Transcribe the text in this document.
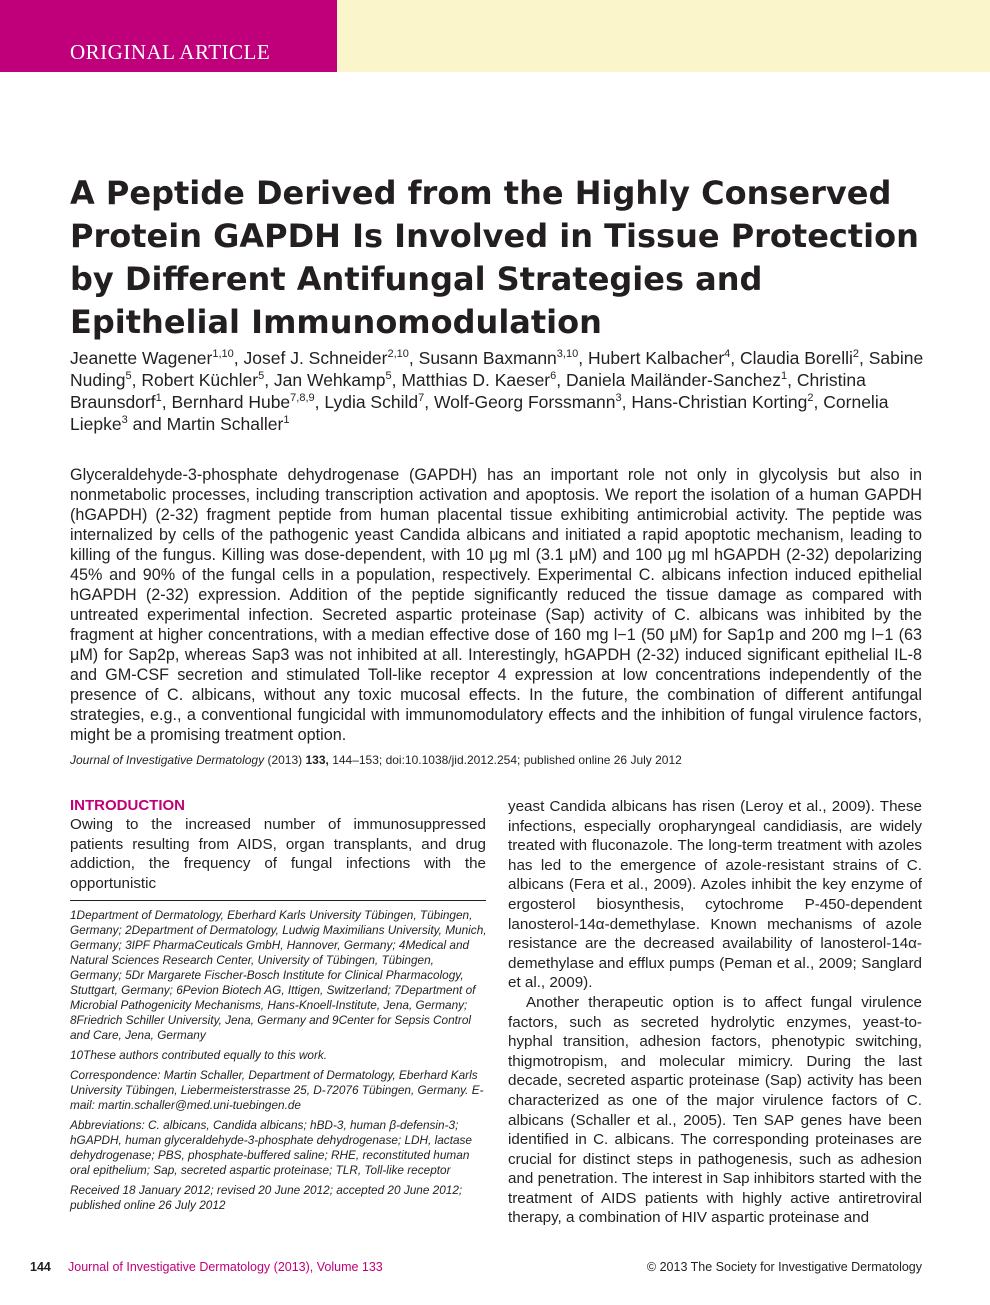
ORIGINAL ARTICLE
A Peptide Derived from the Highly Conserved Protein GAPDH Is Involved in Tissue Protection by Different Antifungal Strategies and Epithelial Immunomodulation

Jeanette Wagener$^{1,10}$, Josef J. Schneider$^{2,10}$, Susann Baxmann$^{3,10}$, Hubert Kalbacher$^4$, Claudia Borelli$^2$, Sabine Nuding$^5$, Robert Küchler$^5$, Jan Wehkamp$^5$, Matthias D. Kaeser$^6$, Daniela Mailänder-Sanchez$^1$, Christina Braunsdorf$^1$, Bernhard Hube$^{7,8,9}$, Lydia Schild$^7$, Wolf-Georg Forssmann$^3$, Hans-Christian Korting$^2$, Cornelia Liepke$^3$ and Martin Schaller$^1$

Glyceraldehyde-3-phosphate dehydrogenase (GAPDH) has an important role not only in glycolysis but also in nonmetabolic processes, including transcription activation and apoptosis. We report the isolation of a human GAPDH (hGAPDH) (2-32) fragment peptide from human placental tissue exhibiting antimicrobial activity. The peptide was internalized by cells of the pathogenic yeast Candida albicans and initiated a rapid apoptotic mechanism, leading to killing of the fungus. Killing was dose-dependent, with 10 μg ml (3.1 μM) and 100 μg ml hGAPDH (2-32) depolarizing 45% and 90% of the fungal cells in a population, respectively. Experimental C. albicans infection induced epithelial hGAPDH (2-32) expression. Addition of the peptide significantly reduced the tissue damage as compared with untreated experimental infection. Secreted aspartic proteinase (Sap) activity of C. albicans was inhibited by the fragment at higher concentrations, with a median effective dose of 160 mg l−1 (50 μM) for Sap1p and 200 mg l−1 (63 μM) for Sap2p, whereas Sap3 was not inhibited at all. Interestingly, hGAPDH (2-32) induced significant epithelial IL-8 and GM-CSF secretion and stimulated Toll-like receptor 4 expression at low concentrations independently of the presence of C. albicans, without any toxic mucosal effects. In the future, the combination of different antifungal strategies, e.g., a conventional fungicidal with immunomodulatory effects and the inhibition of fungal virulence factors, might be a promising treatment option.

Journal of Investigative Dermatology (2013) 133, 144–153; doi:10.1038/jid.2012.254; published online 26 July 2012
INTRODUCTION

Owing to the increased number of immunosuppressed patients resulting from AIDS, organ transplants, and drug addiction, the frequency of fungal infections with the opportunistic

1Department of Dermatology, Eberhard Karls University Tübingen, Tübingen, Germany; 2Department of Dermatology, Ludwig Maximilians University, Munich, Germany; 3IPF PharmaCeuticals GmbH, Hannover, Germany; 4Medical and Natural Sciences Research Center, University of Tübingen, Tübingen, Germany; 5Dr Margarete Fischer-Bosch Institute for Clinical Pharmacology, Stuttgart, Germany; 6Pevion Biotech AG, Ittigen, Switzerland; 7Department of Microbial Pathogenicity Mechanisms, Hans-Knoell-Institute, Jena, Germany; 8Friedrich Schiller University, Jena, Germany and 9Center for Sepsis Control and Care, Jena, Germany

10These authors contributed equally to this work.

Correspondence: Martin Schaller, Department of Dermatology, Eberhard Karls University Tübingen, Liebermeisterstrasse 25, D-72076 Tübingen, Germany. E-mail: martin.schaller@med.uni-tuebingen.de

Abbreviations: C. albicans, Candida albicans; hBD-3, human β-defensin-3; hGAPDH, human glyceraldehyde-3-phosphate dehydrogenase; LDH, lactase dehydrogenase; PBS, phosphate-buffered saline; RHE, reconstituted human oral epithelium; Sap, secreted aspartic proteinase; TLR, Toll-like receptor

Received 18 January 2012; revised 20 June 2012; accepted 20 June 2012; published online 26 July 2012

yeast Candida albicans has risen (Leroy et al., 2009). These infections, especially oropharyngeal candidiasis, are widely treated with fluconazole. The long-term treatment with azoles has led to the emergence of azole-resistant strains of C. albicans (Fera et al., 2009). Azoles inhibit the key enzyme of ergosterol biosynthesis, cytochrome P-450-dependent lanosterol-14α-demethylase. Known mechanisms of azole resistance are the decreased availability of lanosterol-14α-demethylase and efflux pumps (Peman et al., 2009; Sanglard et al., 2009).

Another therapeutic option is to affect fungal virulence factors, such as secreted hydrolytic enzymes, yeast-to-hyphal transition, adhesion factors, phenotypic switching, thigmotropism, and molecular mimicry. During the last decade, secreted aspartic proteinase (Sap) activity has been characterized as one of the major virulence factors of C. albicans (Schaller et al., 2005). Ten SAP genes have been identified in C. albicans. The corresponding proteinases are crucial for distinct steps in pathogenesis, such as adhesion and penetration. The interest in Sap inhibitors started with the treatment of AIDS patients with highly active antiretroviral therapy, a combination of HIV aspartic proteinase and

144 Journal of Investigative Dermatology (2013), Volume 133	© 2013 The Society for Investigative Dermatology
